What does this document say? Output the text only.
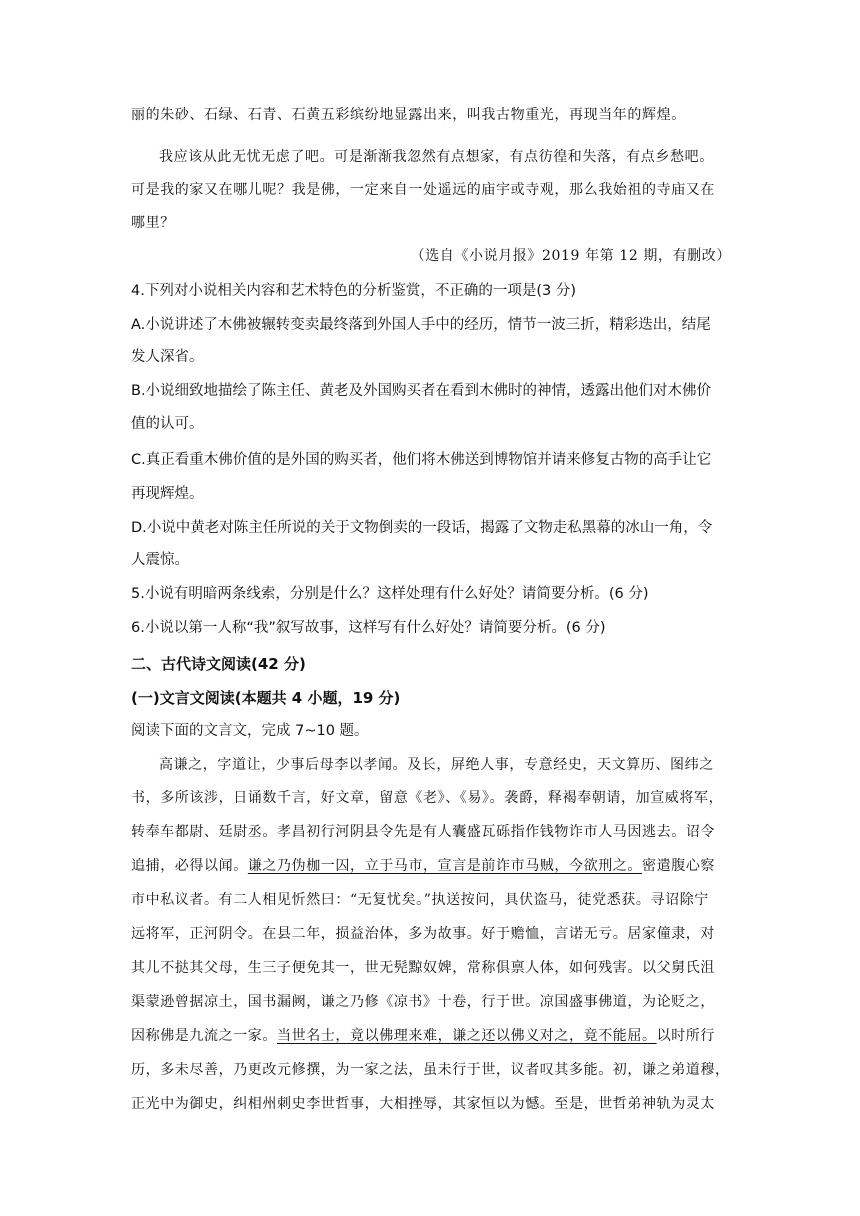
丽的朱砂、石绿、石青、石黄五彩缤纷地显露出来，叫我古物重光，再现当年的辉煌。
我应该从此无忧无虑了吧。可是渐渐我忽然有点想家，有点彷徨和失落，有点乡愁吧。
可是我的家又在哪儿呢？我是佛，一定来自一处遥远的庙宇或寺观，那么我始祖的寺庙又在
哪里？
（选自《小说月报》2019 年第 12 期，有删改）
4.下列对小说相关内容和艺术特色的分析鉴赏，不正确的一项是(3 分)
A.小说讲述了木佛被辗转变卖最终落到外国人手中的经历，情节一波三折，精彩迭出，结尾
发人深省。
B.小说细致地描绘了陈主任、黄老及外国购买者在看到木佛时的神情，透露出他们对木佛价
值的认可。
C.真正看重木佛价值的是外国的购买者，他们将木佛送到博物馆并请来修复古物的高手让它
再现辉煌。
D.小说中黄老对陈主任所说的关于文物倒卖的一段话，揭露了文物走私黑幕的冰山一角，令
人震惊。
5.小说有明暗两条线索，分别是什么？这样处理有什么好处？请简要分析。(6 分)
6.小说以第一人称“我”叙写故事，这样写有什么好处？请简要分析。(6 分)
二、古代诗文阅读(42 分)
(一)文言文阅读(本题共 4 小题，19 分)
阅读下面的文言文，完成 7~10 题。
高谦之，字道让，少事后母李以孝闻。及长，屏绝人事，专意经史，天文算历、图纬之
书，多所该涉，日诵数千言，好文章，留意《老》、《易》。袭爵，释褐奉朝请，加宣威将军，
转奉车都尉、廷尉丞。孝昌初行河阴县令先是有人囊盛瓦砾指作钱物诈市人马因逃去。诏令
追捕，必得以闻。谦之乃伪枷一囚，立于马市，宣言是前诈市马贼，今欲刑之。密遣腹心察
市中私议者。有二人相见忻然曰：“无复忧矣。”执送按问，具伏盗马，徒党悉获。寻诏除宁
远将军，正河阴令。在县二年，损益治体，多为故事。好于赡恤，言诺无亏。居家僮隶，对
其儿不挞其父母，生三子便免其一，世无髡黥奴婢，常称俱禀人体，如何残害。以父舅氏沮
渠蒙逊曾据凉土，国书漏阙，谦之乃修《凉书》十卷，行于世。凉国盛事佛道，为论贬之，
因称佛是九流之一家。当世名士，竟以佛理来难，谦之还以佛义对之，竟不能屈。以时所行
历，多未尽善，乃更改元修撰，为一家之法，虽未行于世，议者叹其多能。初，谦之弟道穆，
正光中为御史，纠相州刺史李世哲事，大相挫辱，其家恒以为憾。至是，世哲弟神轨为灵太
